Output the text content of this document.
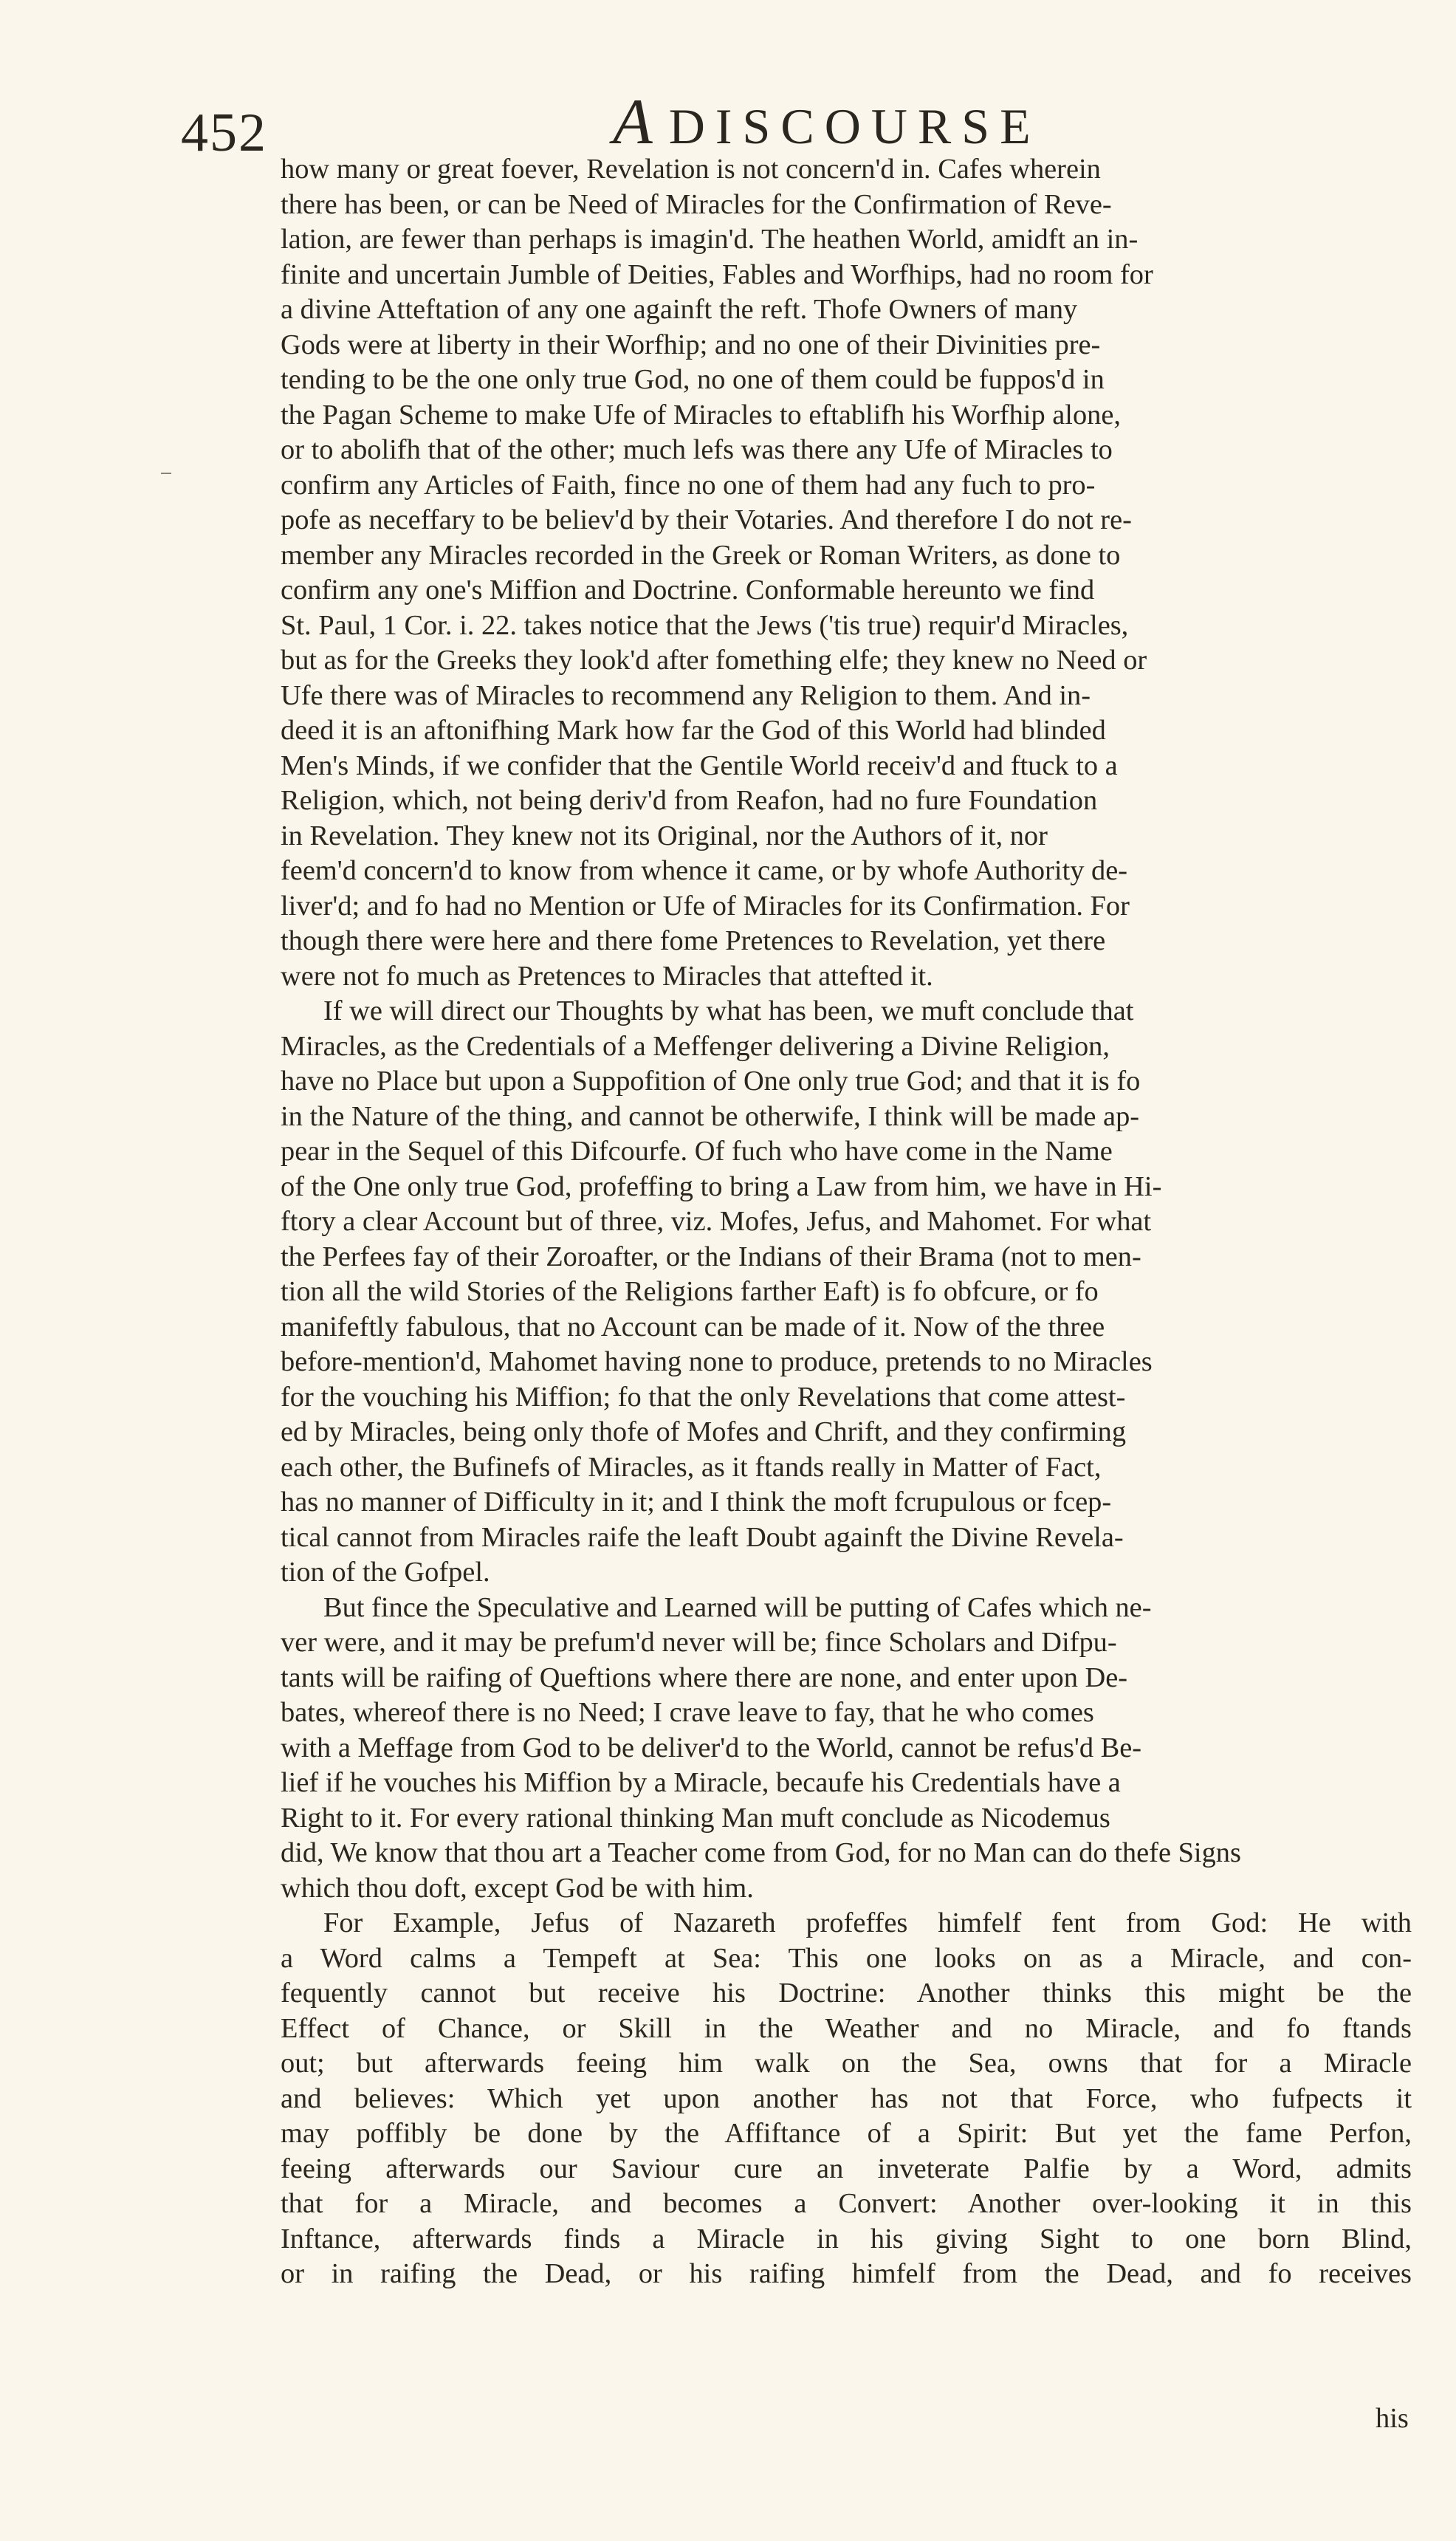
452	A DISCOURSE

how many or great foever, Revelation is not concern'd in. Cafes wherein
there has been, or can be Need of Miracles for the Confirmation of Reve-
lation, are fewer than perhaps is imagin'd. The heathen World, amidft an in-
finite and uncertain Jumble of Deities, Fables and Worfhips, had no room for
a divine Atteftation of any one againft the reft. Thofe Owners of many
Gods were at liberty in their Worfhip; and no one of their Divinities pre-
tending to be the one only true God, no one of them could be fuppos'd in
the Pagan Scheme to make Ufe of Miracles to eftablifh his Worfhip alone,
or to abolifh that of the other; much lefs was there any Ufe of Miracles to
confirm any Articles of Faith, fince no one of them had any fuch to pro-
pofe as neceffary to be believ'd by their Votaries. And therefore I do not re-
member any Miracles recorded in the Greek or Roman Writers, as done to
confirm any one's Miffion and Doctrine. Conformable hereunto we find
St. Paul, 1 Cor. i. 22. takes notice that the Jews ('tis true) requir'd Miracles,
but as for the Greeks they look'd after fomething elfe; they knew no Need or
Ufe there was of Miracles to recommend any Religion to them. And in-
deed it is an aftonifhing Mark how far the God of this World had blinded
Men's Minds, if we confider that the Gentile World receiv'd and ftuck to a
Religion, which, not being deriv'd from Reafon, had no fure Foundation
in Revelation. They knew not its Original, nor the Authors of it, nor
feem'd concern'd to know from whence it came, or by whofe Authority de-
liver'd; and fo had no Mention or Ufe of Miracles for its Confirmation. For
though there were here and there fome Pretences to Revelation, yet there
were not fo much as Pretences to Miracles that attefted it.

If we will direct our Thoughts by what has been, we muft conclude that
Miracles, as the Credentials of a Meffenger delivering a Divine Religion,
have no Place but upon a Suppofition of One only true God; and that it is fo
in the Nature of the thing, and cannot be otherwife, I think will be made ap-
pear in the Sequel of this Difcourfe. Of fuch who have come in the Name
of the One only true God, profeffing to bring a Law from him, we have in Hi-
ftory a clear Account but of three, viz. Mofes, Jefus, and Mahomet. For what
the Perfees fay of their Zoroafter, or the Indians of their Brama (not to men-
tion all the wild Stories of the Religions farther Eaft) is fo obfcure, or fo
manifeftly fabulous, that no Account can be made of it. Now of the three
before-mention'd, Mahomet having none to produce, pretends to no Miracles
for the vouching his Miffion; fo that the only Revelations that come attest-
ed by Miracles, being only thofe of Mofes and Chrift, and they confirming
each other, the Bufinefs of Miracles, as it ftands really in Matter of Fact,
has no manner of Difficulty in it; and I think the moft fcrupulous or fcep-
tical cannot from Miracles raife the leaft Doubt againft the Divine Revela-
tion of the Gofpel.

But fince the Speculative and Learned will be putting of Cafes which ne-
ver were, and it may be prefum'd never will be; fince Scholars and Difpu-
tants will be raifing of Queftions where there are none, and enter upon De-
bates, whereof there is no Need; I crave leave to fay, that he who comes
with a Meffage from God to be deliver'd to the World, cannot be refus'd Be-
lief if he vouches his Miffion by a Miracle, becaufe his Credentials have a
Right to it. For every rational thinking Man muft conclude as Nicodemus
did, We know that thou art a Teacher come from God, for no Man can do thefe Signs
which thou doft, except God be with him.

For Example, Jefus of Nazareth profeffes himfelf fent from God: He with
a Word calms a Tempeft at Sea: This one looks on as a Miracle, and con-
fequently cannot but receive his Doctrine: Another thinks this might be the
Effect of Chance, or Skill in the Weather and no Miracle, and fo ftands
out; but afterwards feeing him walk on the Sea, owns that for a Miracle
and believes: Which yet upon another has not that Force, who fufpects it
may poffibly be done by the Affiftance of a Spirit: But yet the fame Perfon,
feeing afterwards our Saviour cure an inveterate Palfie by a Word, admits
that for a Miracle, and becomes a Convert: Another over-looking it in this
Inftance, afterwards finds a Miracle in his giving Sight to one born Blind,
or in raifing the Dead, or his raifing himfelf from the Dead, and fo receives

his
